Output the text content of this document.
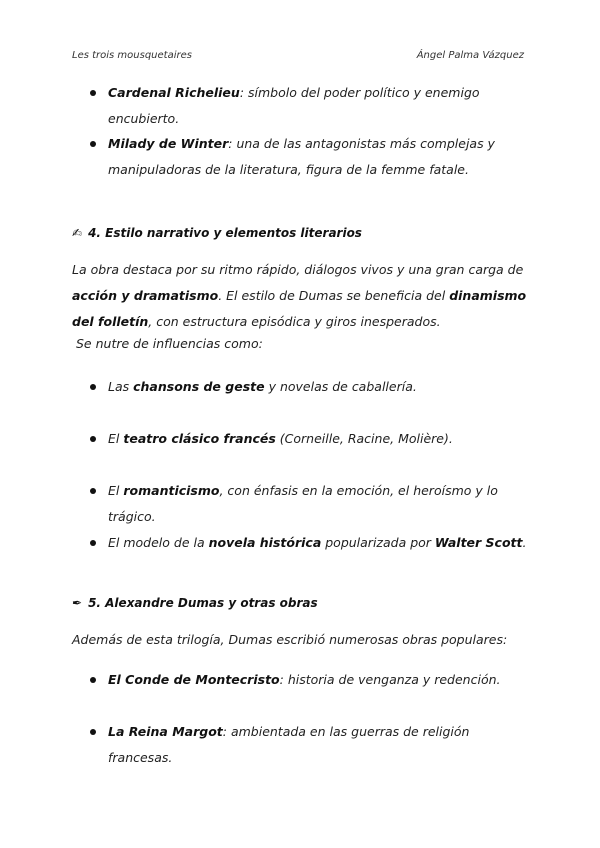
Les trois mousquetaires	Ángel Palma Vázquez
Cardenal Richelieu: símbolo del poder político y enemigo encubierto.
Milady de Winter: una de las antagonistas más complejas y manipuladoras de la literatura, figura de la femme fatale.
✍ 4. Estilo narrativo y elementos literarios
La obra destaca por su ritmo rápido, diálogos vivos y una gran carga de acción y dramatismo. El estilo de Dumas se beneficia del dinamismo del folletín, con estructura episódica y giros inesperados.
Se nutre de influencias como:
Las chansons de geste y novelas de caballería.
El teatro clásico francés (Corneille, Racine, Molière).
El romanticismo, con énfasis en la emoción, el heroísmo y lo trágico.
El modelo de la novela histórica popularizada por Walter Scott.
✒ 5. Alexandre Dumas y otras obras
Además de esta trilogía, Dumas escribió numerosas obras populares:
El Conde de Montecristo: historia de venganza y redención.
La Reina Margot: ambientada en las guerras de religión francesas.
